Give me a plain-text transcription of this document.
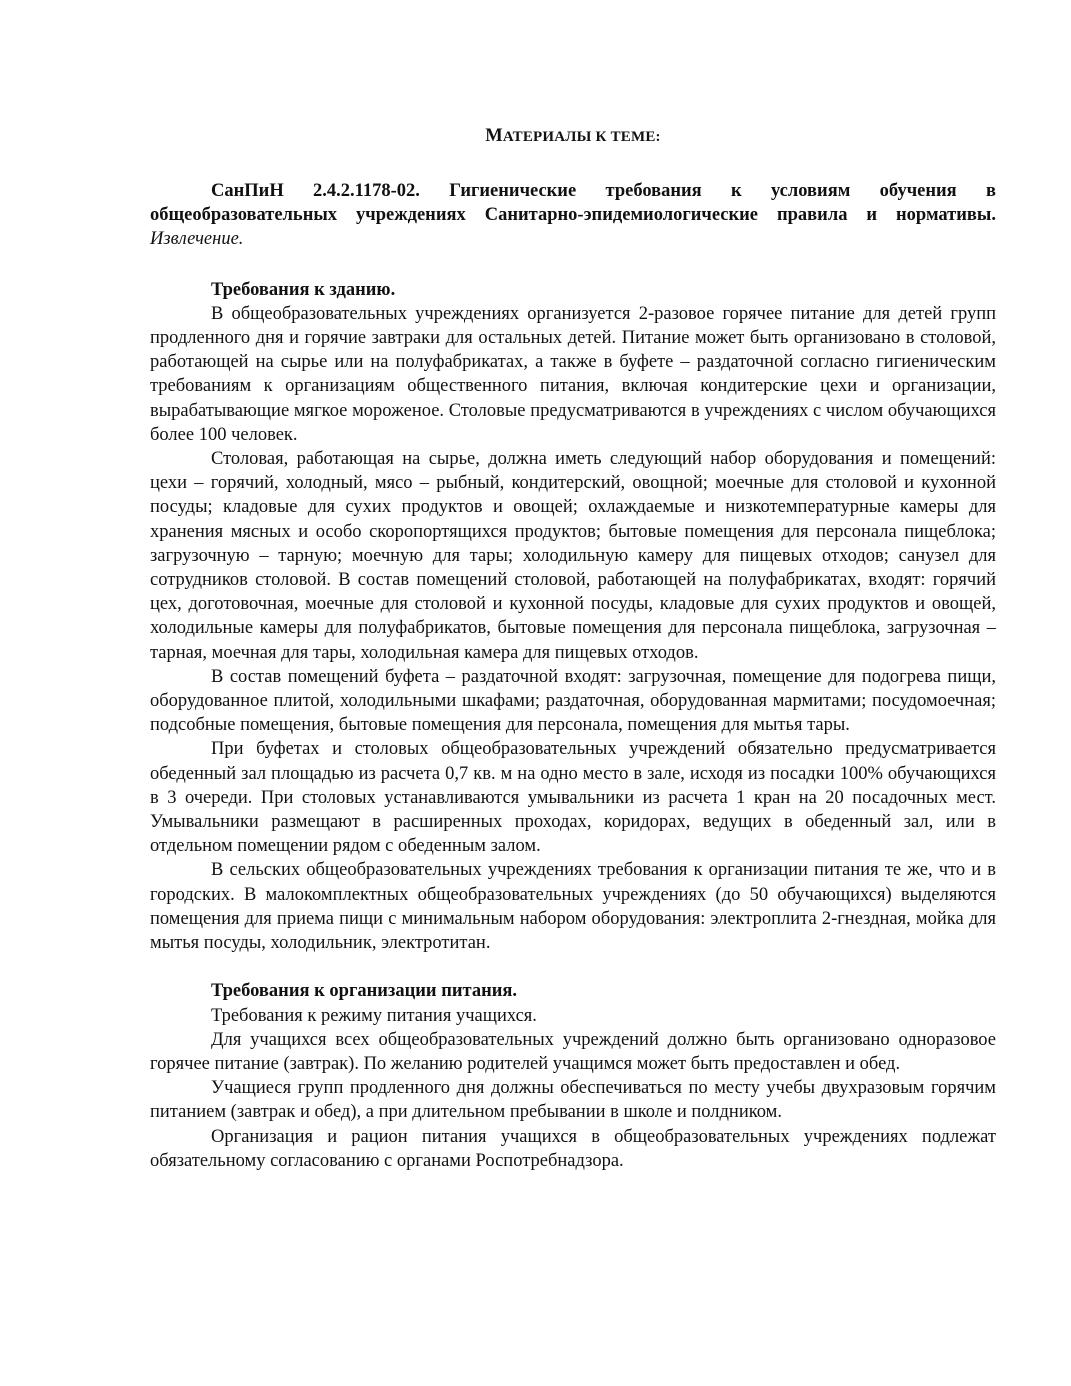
МАТЕРИАЛЫ К ТЕМЕ:

СанПиН 2.4.2.1178-02. Гигиенические требования к условиям обучения в общеобразовательных учреждениях Санитарно-эпидемиологические правила и нормативы. Извлечение.

Требования к зданию.

В общеобразовательных учреждениях организуется 2-разовое горячее питание для детей групп продленного дня и горячие завтраки для остальных детей. Питание может быть организовано в столовой, работающей на сырье или на полуфабрикатах, а также в буфете – раздаточной согласно гигиеническим требованиям к организациям общественного питания, включая кондитерские цехи и организации, вырабатывающие мягкое мороженое. Столовые предусматриваются в учреждениях с числом обучающихся более 100 человек.

Столовая, работающая на сырье, должна иметь следующий набор оборудования и помещений: цехи – горячий, холодный, мясо – рыбный, кондитерский, овощной; моечные для столовой и кухонной посуды; кладовые для сухих продуктов и овощей; охлаждаемые и низкотемпературные камеры для хранения мясных и особо скоропортящихся продуктов; бытовые помещения для персонала пищеблока; загрузочную – тарную; моечную для тары; холодильную камеру для пищевых отходов; санузел для сотрудников столовой. В состав помещений столовой, работающей на полуфабрикатах, входят: горячий цех, доготовочная, моечные для столовой и кухонной посуды, кладовые для сухих продуктов и овощей, холодильные камеры для полуфабрикатов, бытовые помещения для персонала пищеблока, загрузочная – тарная, моечная для тары, холодильная камера для пищевых отходов.

В состав помещений буфета – раздаточной входят: загрузочная, помещение для подогрева пищи, оборудованное плитой, холодильными шкафами; раздаточная, оборудованная мармитами; посудомоечная; подсобные помещения, бытовые помещения для персонала, помещения для мытья тары.

При буфетах и столовых общеобразовательных учреждений обязательно предусматривается обеденный зал площадью из расчета 0,7 кв. м на одно место в зале, исходя из посадки 100% обучающихся в 3 очереди. При столовых устанавливаются умывальники из расчета 1 кран на 20 посадочных мест. Умывальники размещают в расширенных проходах, коридорах, ведущих в обеденный зал, или в отдельном помещении рядом с обеденным залом.

В сельских общеобразовательных учреждениях требования к организации питания те же, что и в городских. В малокомплектных общеобразовательных учреждениях (до 50 обучающихся) выделяются помещения для приема пищи с минимальным набором оборудования: электроплита 2-гнездная, мойка для мытья посуды, холодильник, электротитан.

Требования к организации питания.

Требования к режиму питания учащихся.

Для учащихся всех общеобразовательных учреждений должно быть организовано одноразовое горячее питание (завтрак). По желанию родителей учащимся может быть предоставлен и обед.

Учащиеся групп продленного дня должны обеспечиваться по месту учебы двухразовым горячим питанием (завтрак и обед), а при длительном пребывании в школе и полдником.

Организация и рацион питания учащихся в общеобразовательных учреждениях подлежат обязательному согласованию с органами Роспотребнадзора.
